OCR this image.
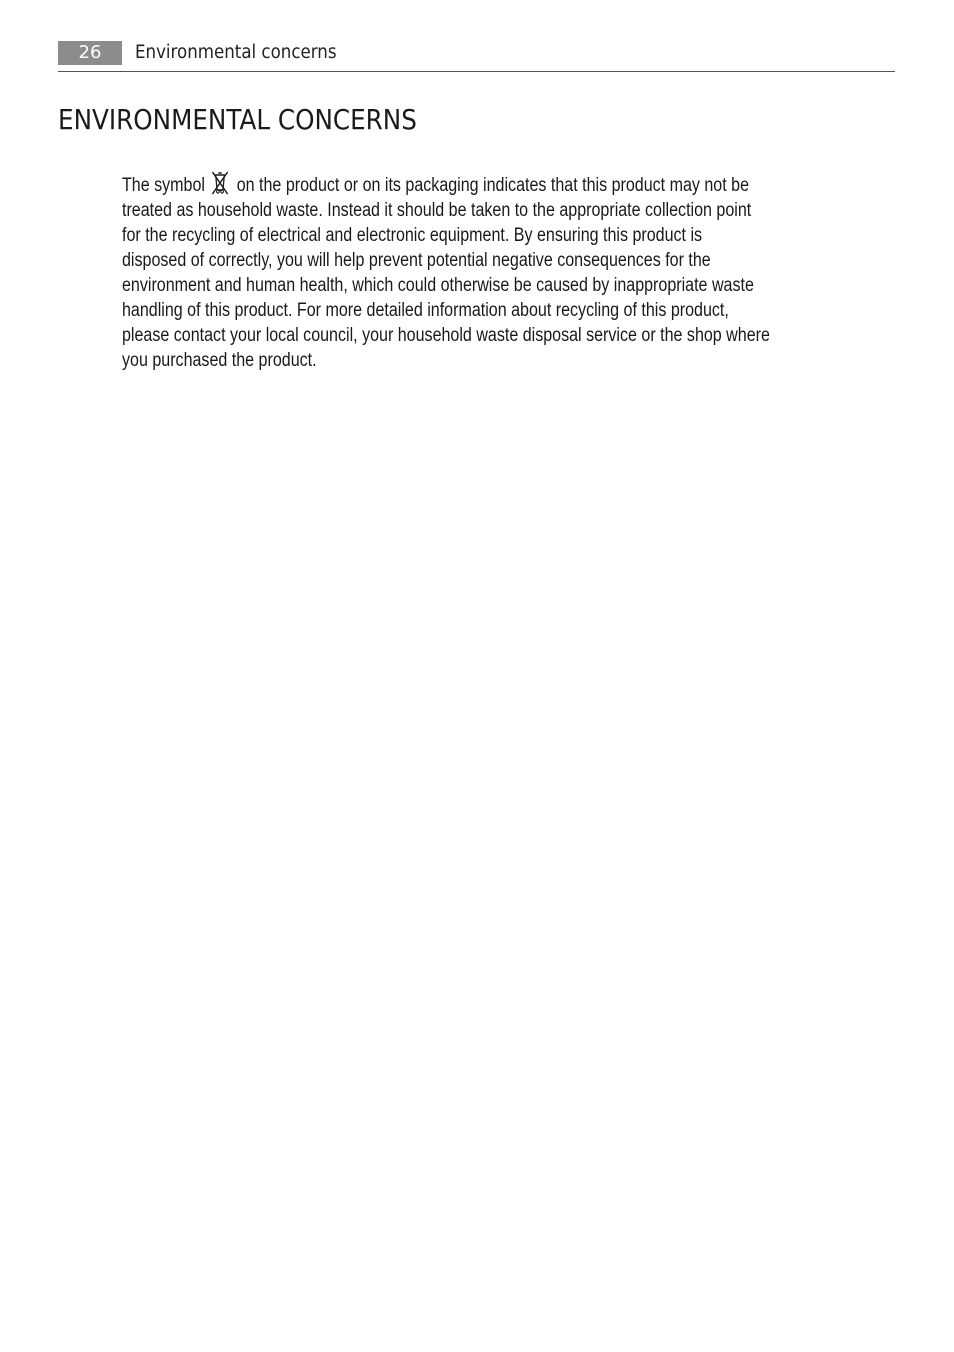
26	Environmental concerns
ENVIRONMENTAL CONCERNS
The symbol on the product or on its packaging indicates that this product may not be
treated as household waste. Instead it should be taken to the appropriate collection point
for the recycling of electrical and electronic equipment. By ensuring this product is
disposed of correctly, you will help prevent potential negative consequences for the
environment and human health, which could otherwise be caused by inappropriate waste
handling of this product. For more detailed information about recycling of this product,
please contact your local council, your household waste disposal service or the shop where
you purchased the product.
